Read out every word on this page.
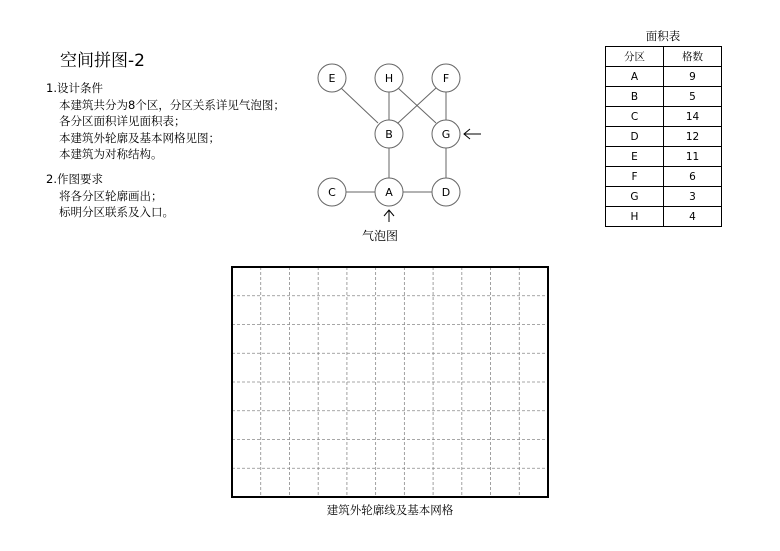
空间拼图-2
1.设计条件
本建筑共分为8个区，分区关系详见气泡图；
各分区面积详见面积表；
本建筑外轮廓及基本网格见图；
本建筑为对称结构。
2.作图要求
将各分区轮廓画出；
标明分区联系及入口。
E	H	F
B	G
C	A	D
气泡图
面积表
分区	格数
A	9
B	5
C	14
D	12
E	11
F	6
G	3
H	4
建筑外轮廓线及基本网格
